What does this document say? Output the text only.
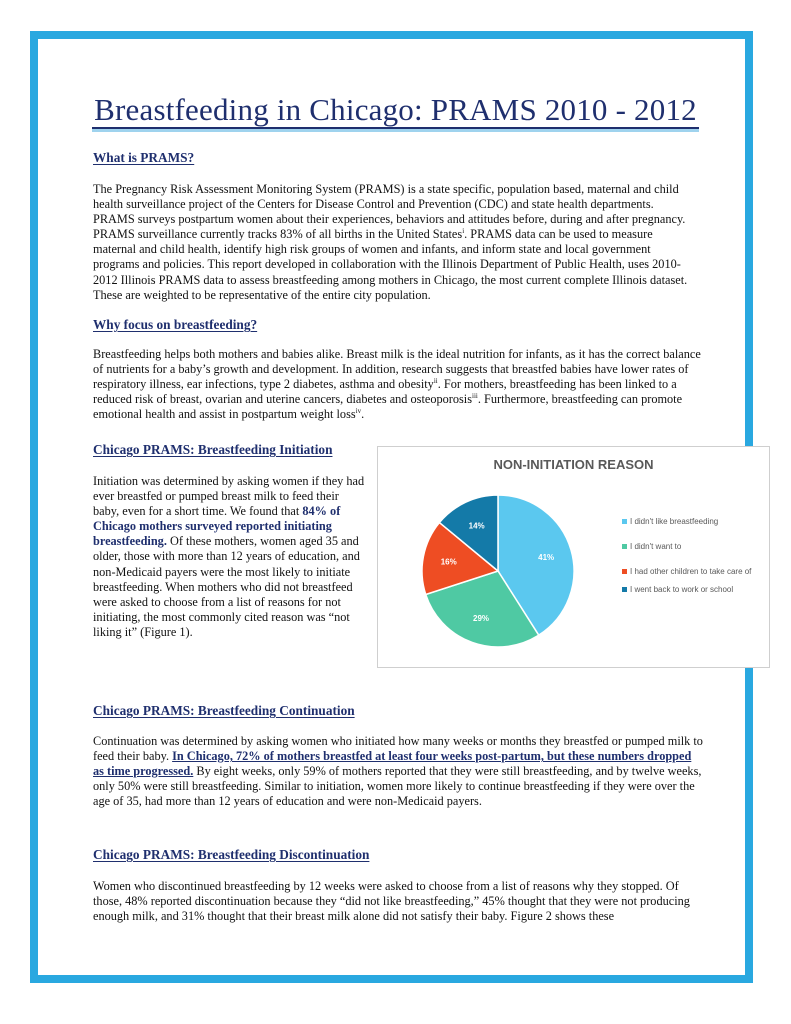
Breastfeeding in Chicago: PRAMS 2010 - 2012
What is PRAMS?

The Pregnancy Risk Assessment Monitoring System (PRAMS) is a state specific, population based, maternal and child health surveillance project of the Centers for Disease Control and Prevention (CDC) and state health departments. PRAMS surveys postpartum women about their experiences, behaviors and attitudes before, during and after pregnancy. PRAMS surveillance currently tracks 83% of all births in the United States$^i$. PRAMS data can be used to measure maternal and child health, identify high risk groups of women and infants, and inform state and local government programs and policies. This report developed in collaboration with the Illinois Department of Public Health, uses 2010-2012 Illinois PRAMS data to assess breastfeeding among mothers in Chicago, the most current complete Illinois dataset. These are weighted to be representative of the entire city population.

Why focus on breastfeeding?

Breastfeeding helps both mothers and babies alike. Breast milk is the ideal nutrition for infants, as it has the correct balance of nutrients for a baby’s growth and development. In addition, research suggests that breastfed babies have lower rates of respiratory illness, ear infections, type 2 diabetes, asthma and obesity$^{ii}$. For mothers, breastfeeding has been linked to a reduced risk of breast, ovarian and uterine cancers, diabetes and osteoporosis$^{iii}$. Furthermore, breastfeeding can promote emotional health and assist in postpartum weight loss$^{iv}$.

Chicago PRAMS: Breastfeeding Initiation

Initiation was determined by asking women if they had ever breastfed or pumped breast milk to feed their baby, even for a short time. We found that 84% of Chicago mothers surveyed reported initiating breastfeeding. Of these mothers, women aged 35 and older, those with more than 12 years of education, and non-Medicaid payers were the most likely to initiate breastfeeding. When mothers who did not breastfeed were asked to choose from a list of reasons for not initiating, the most commonly cited reason was “not liking it” (Figure 1).

NON-INITIATION REASON
41%
29%
16%
14%
I didn't like breastfeeding
I didn't want to
I had other children to take care of
I went back to work or school
Chicago PRAMS: Breastfeeding Continuation

Continuation was determined by asking women who initiated how many weeks or months they breastfed or pumped milk to feed their baby. In Chicago, 72% of mothers breastfed at least four weeks post-partum, but these numbers dropped as time progressed. By eight weeks, only 59% of mothers reported that they were still breastfeeding, and by twelve weeks, only 50% were still breastfeeding. Similar to initiation, women more likely to continue breastfeeding if they were over the age of 35, had more than 12 years of education and were non-Medicaid payers.

Chicago PRAMS: Breastfeeding Discontinuation

Women who discontinued breastfeeding by 12 weeks were asked to choose from a list of reasons why they stopped. Of those, 48% reported discontinuation because they “did not like breastfeeding,” 45% thought that they were not producing enough milk, and 31% thought that their breast milk alone did not satisfy their baby. Figure 2 shows these
